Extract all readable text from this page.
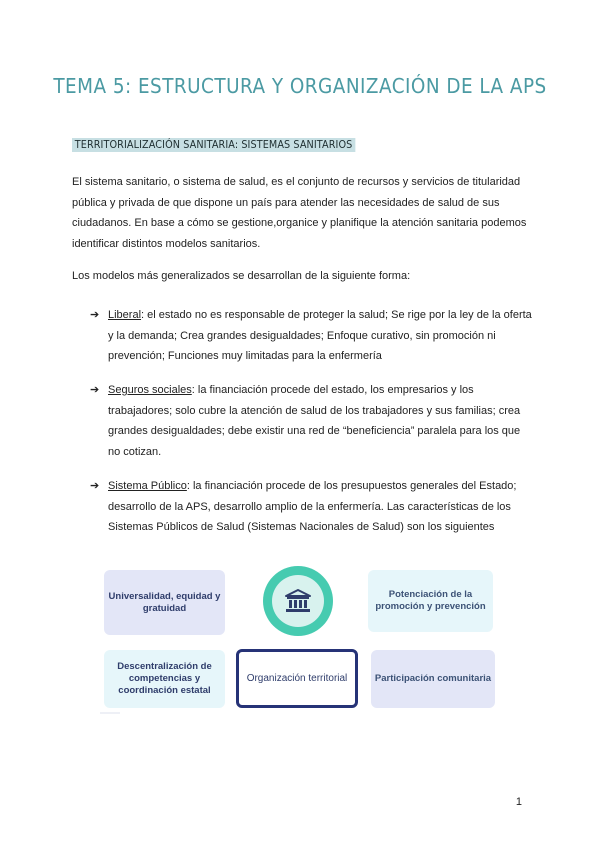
TEMA 5: ESTRUCTURA Y ORGANIZACIÓN DE LA APS
TERRITORIALIZACIÓN SANITARIA: SISTEMAS SANITARIOS
El sistema sanitario, o sistema de salud, es el conjunto de recursos y servicios de titularidad pública y privada de que dispone un país para atender las necesidades de salud de sus ciudadanos. En base a cómo se gestione,organice y planifique la atención sanitaria podemos identificar distintos modelos sanitarios.
Los modelos más generalizados se desarrollan de la siguiente forma:
➔ Liberal: el estado no es responsable de proteger la salud; Se rige por la ley de la oferta y la demanda; Crea grandes desigualdades; Enfoque curativo, sin promoción ni prevención; Funciones muy limitadas para la enfermería
➔ Seguros sociales: la financiación procede del estado, los empresarios y los trabajadores; solo cubre la atención de salud de los trabajadores y sus familias; crea grandes desigualdades; debe existir una red de “beneficiencia” paralela para los que no cotizan.
➔ Sistema Público: la financiación procede de los presupuestos generales del Estado; desarrollo de la APS, desarrollo amplio de la enfermería. Las características de los Sistemas Públicos de Salud (Sistemas Nacionales de Salud) son los siguientes
Universalidad, equidad y gratuidad
Potenciación de la promoción y prevención
Descentralización de competencias y coordinación estatal
Organización territorial	Participación comunitaria
1
